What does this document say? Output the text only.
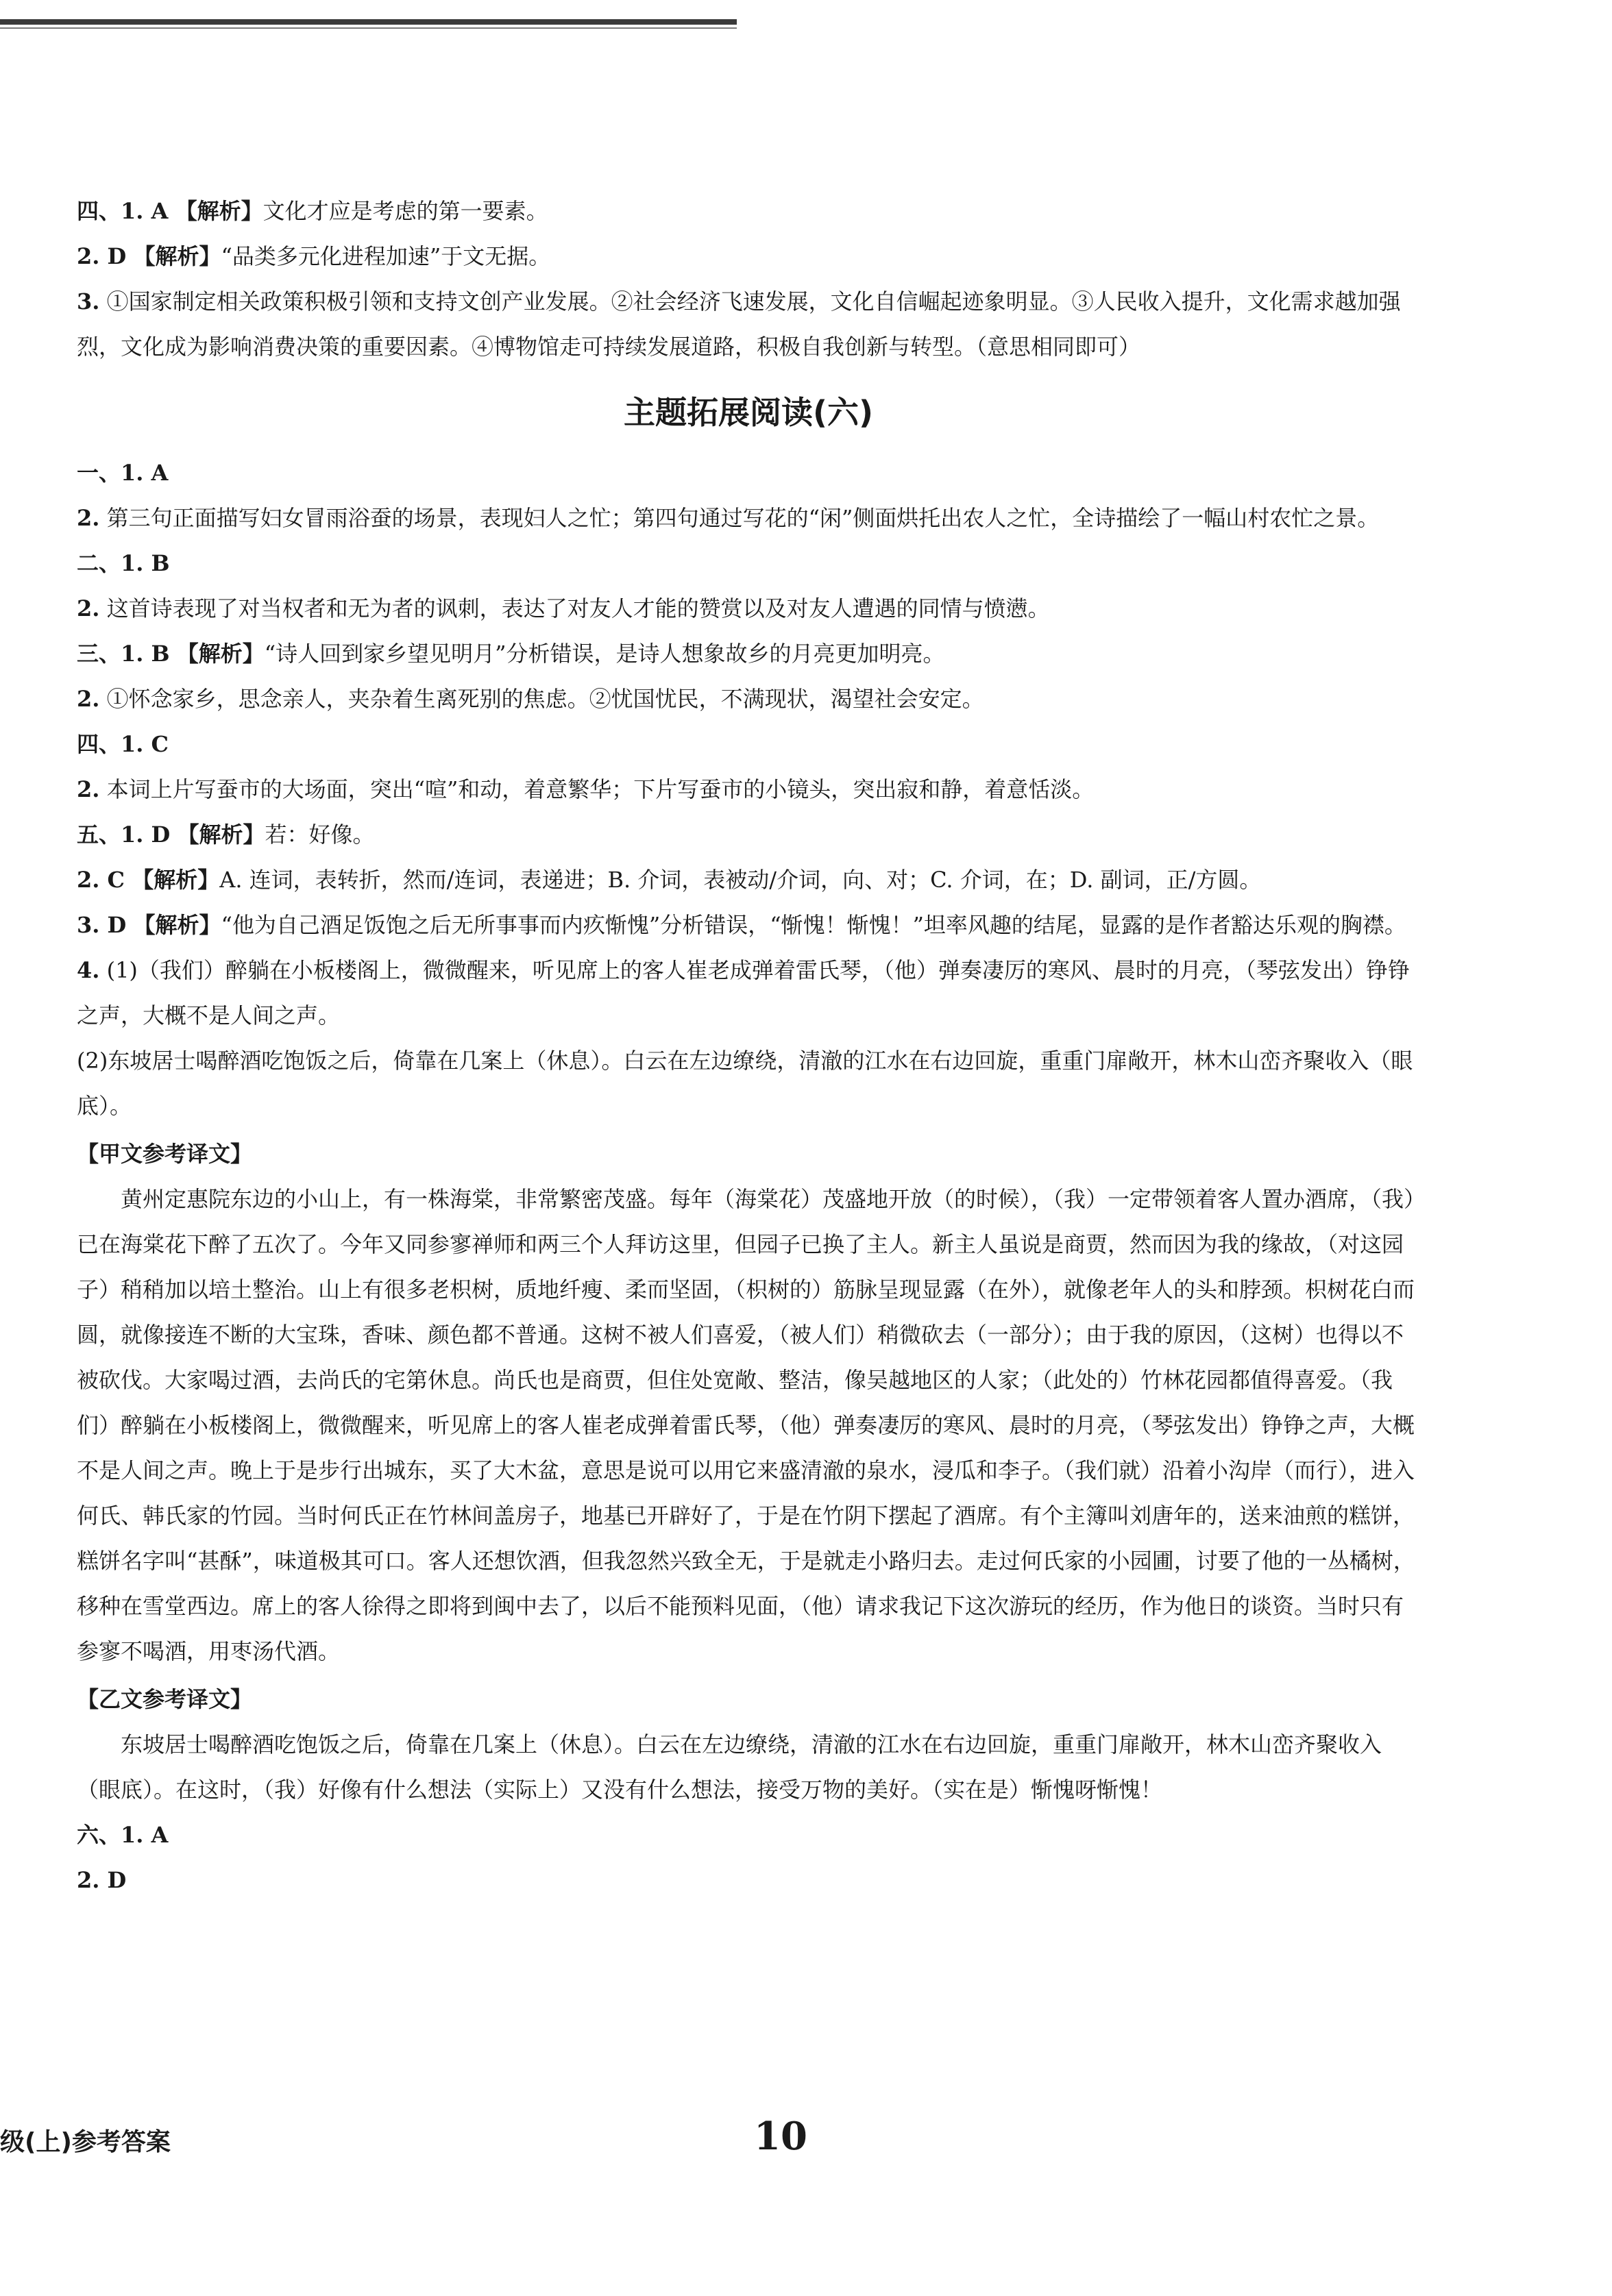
四、1. A 【解析】文化才应是考虑的第一要素。

2. D 【解析】“品类多元化进程加速”于文无据。

3. ①国家制定相关政策积极引领和支持文创产业发展。②社会经济飞速发展，文化自信崛起迹象明显。③人民收入提升，文化需求越加强烈，文化成为影响消费决策的重要因素。④博物馆走可持续发展道路，积极自我创新与转型。（意思相同即可）

主题拓展阅读(六)

一、1. A

2. 第三句正面描写妇女冒雨浴蚕的场景，表现妇人之忙；第四句通过写花的“闲”侧面烘托出农人之忙，全诗描绘了一幅山村农忙之景。

二、1. B

2. 这首诗表现了对当权者和无为者的讽刺，表达了对友人才能的赞赏以及对友人遭遇的同情与愤懑。

三、1. B 【解析】“诗人回到家乡望见明月”分析错误，是诗人想象故乡的月亮更加明亮。

2. ①怀念家乡，思念亲人，夹杂着生离死别的焦虑。②忧国忧民，不满现状，渴望社会安定。

四、1. C

2. 本词上片写蚕市的大场面，突出“喧”和动，着意繁华；下片写蚕市的小镜头，突出寂和静，着意恬淡。

五、1. D 【解析】若：好像。

2. C 【解析】A. 连词，表转折，然而/连词，表递进；B. 介词，表被动/介词，向、对；C. 介词，在；D. 副词，正/方圆。

3. D 【解析】“他为自己酒足饭饱之后无所事事而内疚惭愧”分析错误，“惭愧！惭愧！”坦率风趣的结尾，显露的是作者豁达乐观的胸襟。

4. (1)（我们）醉躺在小板楼阁上，微微醒来，听见席上的客人崔老成弹着雷氏琴，（他）弹奏凄厉的寒风、晨时的月亮，（琴弦发出）铮铮之声，大概不是人间之声。

(2)东坡居士喝醉酒吃饱饭之后，倚靠在几案上（休息）。白云在左边缭绕，清澈的江水在右边回旋，重重门扉敞开，林木山峦齐聚收入（眼底）。

【甲文参考译文】

黄州定惠院东边的小山上，有一株海棠，非常繁密茂盛。每年（海棠花）茂盛地开放（的时候），（我）一定带领着客人置办酒席，（我）已在海棠花下醉了五次了。今年又同参寥禅师和两三个人拜访这里，但园子已换了主人。新主人虽说是商贾，然而因为我的缘故，（对这园子）稍稍加以培土整治。山上有很多老枳树，质地纤瘦、柔而坚固，（枳树的）筋脉呈现显露（在外），就像老年人的头和脖颈。枳树花白而圆，就像接连不断的大宝珠，香味、颜色都不普通。这树不被人们喜爱，（被人们）稍微砍去（一部分）；由于我的原因，（这树）也得以不被砍伐。大家喝过酒，去尚氏的宅第休息。尚氏也是商贾，但住处宽敞、整洁，像吴越地区的人家；（此处的）竹林花园都值得喜爱。（我们）醉躺在小板楼阁上，微微醒来，听见席上的客人崔老成弹着雷氏琴，（他）弹奏凄厉的寒风、晨时的月亮，（琴弦发出）铮铮之声，大概不是人间之声。晚上于是步行出城东，买了大木盆，意思是说可以用它来盛清澈的泉水，浸瓜和李子。（我们就）沿着小沟岸（而行），进入何氏、韩氏家的竹园。当时何氏正在竹林间盖房子，地基已开辟好了，于是在竹阴下摆起了酒席。有个主簿叫刘唐年的，送来油煎的糕饼，糕饼名字叫“甚酥”，味道极其可口。客人还想饮酒，但我忽然兴致全无，于是就走小路归去。走过何氏家的小园圃，讨要了他的一丛橘树，移种在雪堂西边。席上的客人徐得之即将到闽中去了，以后不能预料见面，（他）请求我记下这次游玩的经历，作为他日的谈资。当时只有参寥不喝酒，用枣汤代酒。

【乙文参考译文】

东坡居士喝醉酒吃饱饭之后，倚靠在几案上（休息）。白云在左边缭绕，清澈的江水在右边回旋，重重门扉敞开，林木山峦齐聚收入（眼底）。在这时，（我）好像有什么想法（实际上）又没有什么想法，接受万物的美好。（实在是）惭愧呀惭愧！

六、1. A

2. D

级(上)参考答案	10
